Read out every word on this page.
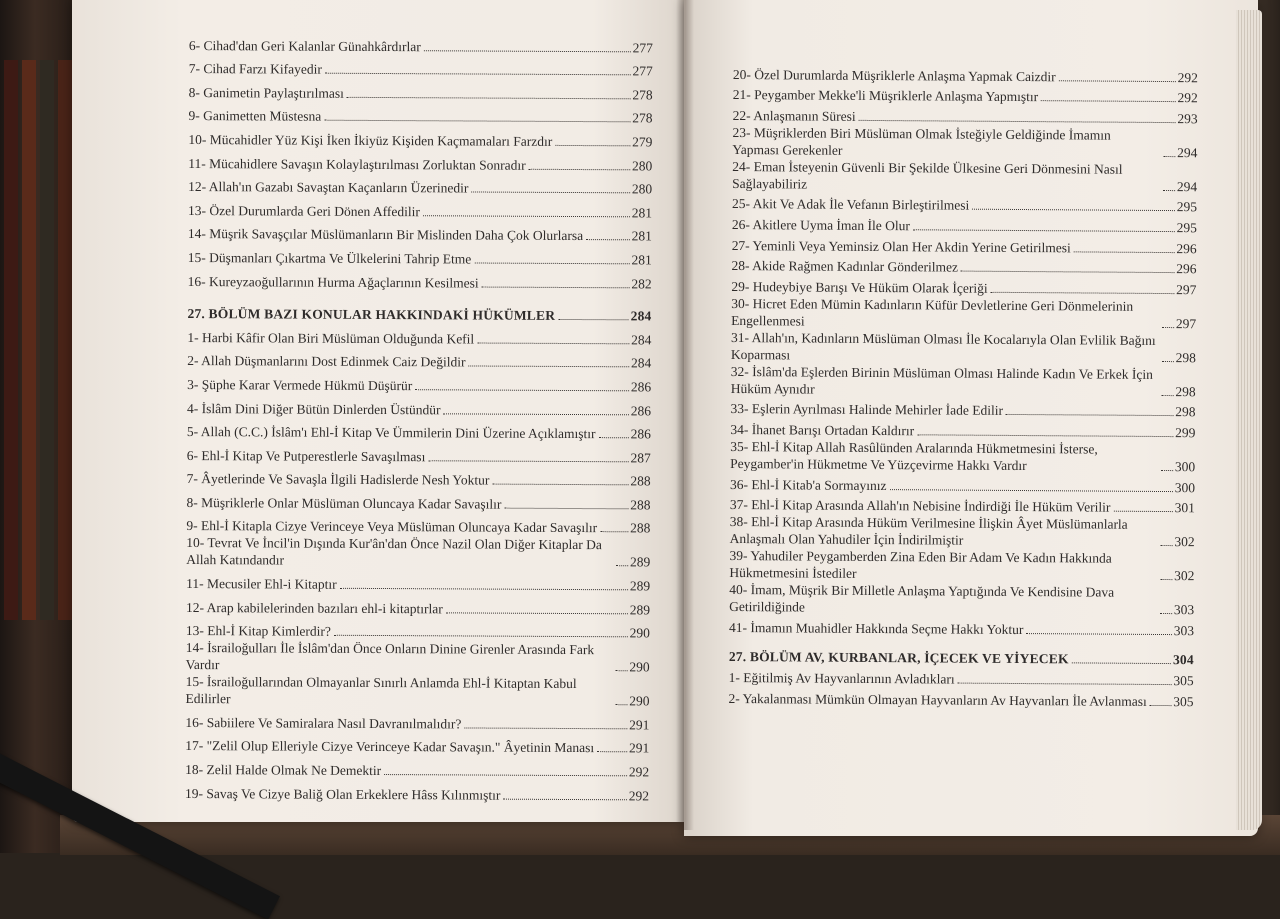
6- Cihad'dan Geri Kalanlar Günahkârdırlar	277
7- Cihad Farzı Kifayedir	277
8- Ganimetin Paylaştırılması	278
9- Ganimetten Müstesna	278
10- Mücahidler Yüz Kişi İken İkiyüz Kişiden Kaçmamaları Farzdır	279
11- Mücahidlere Savaşın Kolaylaştırılması Zorluktan Sonradır	280
12- Allah'ın Gazabı Savaştan Kaçanların Üzerinedir	280
13- Özel Durumlarda Geri Dönen Affedilir	281
14- Müşrik Savaşçılar Müslümanların Bir Mislinden Daha Çok Olurlarsa	281
15- Düşmanları Çıkartma Ve Ülkelerini Tahrip Etme	281
16- Kureyzaoğullarının Hurma Ağaçlarının Kesilmesi	282
27. BÖLÜM BAZI KONULAR HAKKINDAKİ HÜKÜMLER	284
1- Harbi Kâfir Olan Biri Müslüman Olduğunda Kefil	284
2- Allah Düşmanlarını Dost Edinmek Caiz Değildir	284
3- Şüphe Karar Vermede Hükmü Düşürür	286
4- İslâm Dini Diğer Bütün Dinlerden Üstündür	286
5- Allah (C.C.) İslâm'ı Ehl-İ Kitap Ve Ümmilerin Dini Üzerine Açıklamıştır	286
6- Ehl-İ Kitap Ve Putperestlerle Savaşılması	287
7- Âyetlerinde Ve Savaşla İlgili Hadislerde Nesh Yoktur	288
8- Müşriklerle Onlar Müslüman Oluncaya Kadar Savaşılır	288
9- Ehl-İ Kitapla Cizye Verinceye Veya Müslüman Oluncaya Kadar Savaşılır 288
10- Tevrat Ve İncil'in Dışında Kur'ân'dan Önce Nazil Olan Diğer Kitaplar Da Allah Katındandır	289
11- Mecusiler Ehl-i Kitaptır	289
12- Arap kabilelerinden bazıları ehl-i kitaptırlar	289
13- Ehl-İ Kitap Kimlerdir?	290
14- İsrailoğulları İle İslâm'dan Önce Onların Dinine Girenler Arasında Fark Vardır	290
15- İsrailoğullarından Olmayanlar Sınırlı Anlamda Ehl-İ Kitaptan Kabul Edilirler	290
16- Sabiilere Ve Samiralara Nasıl Davranılmalıdır?	291
17- "Zelil Olup Elleriyle Cizye Verinceye Kadar Savaşın." Âyetinin Manası	291
18- Zelil Halde Olmak Ne Demektir	292
19- Savaş Ve Cizye Baliğ Olan Erkeklere Hâss Kılınmıştır	292
20- Özel Durumlarda Müşriklerle Anlaşma Yapmak Caizdir	292
21- Peygamber Mekke'li Müşriklerle Anlaşma Yapmıştır	292
22- Anlaşmanın Süresi	293
23- Müşriklerden Biri Müslüman Olmak İsteğiyle Geldiğinde İmamın Yapması Gerekenler	294
24- Eman İsteyenin Güvenli Bir Şekilde Ülkesine Geri Dönmesini Nasıl Sağlayabiliriz	294
25- Akit Ve Adak İle Vefanın Birleştirilmesi	295
26- Akitlere Uyma İman İle Olur	295
27- Yeminli Veya Yeminsiz Olan Her Akdin Yerine Getirilmesi	296
28- Akide Rağmen Kadınlar Gönderilmez	296
29- Hudeybiye Barışı Ve Hüküm Olarak İçeriği	297
30- Hicret Eden Mümin Kadınların Küfür Devletlerine Geri Dönmelerinin Engellenmesi	297
31- Allah'ın, Kadınların Müslüman Olması İle Kocalarıyla Olan Evlilik Bağını Koparması	298
32- İslâm'da Eşlerden Birinin Müslüman Olması Halinde Kadın Ve Erkek İçin Hüküm Aynıdır	298
33- Eşlerin Ayrılması Halinde Mehirler İade Edilir	298
34- İhanet Barışı Ortadan Kaldırır	299
35- Ehl-İ Kitap Allah Rasûlünden Aralarında Hükmetmesini İsterse, Peygamber'in Hükmetme Ve Yüzçevirme Hakkı Vardır	300
36- Ehl-İ Kitab'a Sormayınız	300
37- Ehl-İ Kitap Arasında Allah'ın Nebisine İndirdiği İle Hüküm Verilir	301
38- Ehl-İ Kitap Arasında Hüküm Verilmesine İlişkin Âyet Müslümanlarla Anlaşmalı Olan Yahudiler İçin İndirilmiştir	302
39- Yahudiler Peygamberden Zina Eden Bir Adam Ve Kadın Hakkında Hükmetmesini İstediler	302
40- İmam, Müşrik Bir Milletle Anlaşma Yaptığında Ve Kendisine Dava Getirildiğinde	303
41- İmamın Muahidler Hakkında Seçme Hakkı Yoktur	303
27. BÖLÜM AV, KURBANLAR, İÇECEK VE YİYECEK	304
1- Eğitilmiş Av Hayvanlarının Avladıkları	305
2- Yakalanması Mümkün Olmayan Hayvanların Av Hayvanları İle Avlanması 305
